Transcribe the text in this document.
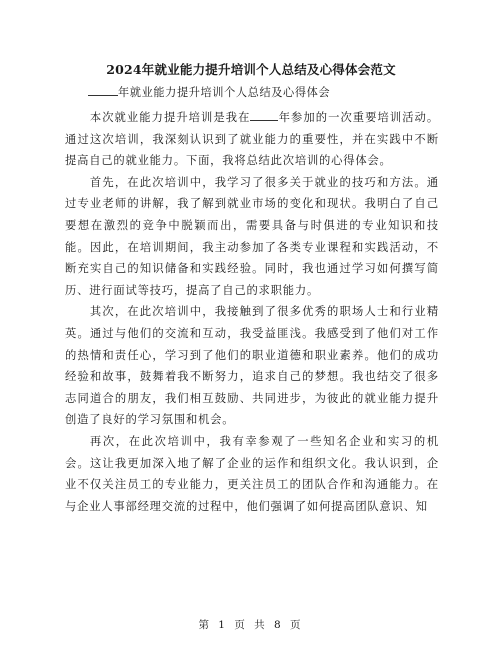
2024年就业能力提升培训个人总结及心得体会范文
年就业能力提升培训个人总结及心得体会

本次就业能力提升培训是我在 年参加的一次重要培训活动。通过这次培训，我深刻认识到了就业能力的重要性，并在实践中不断提高自己的就业能力。下面，我将总结此次培训的心得体会。

首先，在此次培训中，我学习了很多关于就业的技巧和方法。通过专业老师的讲解，我了解到就业市场的变化和现状。我明白了自己要想在激烈的竞争中脱颖而出，需要具备与时俱进的专业知识和技能。因此，在培训期间，我主动参加了各类专业课程和实践活动，不断充实自己的知识储备和实践经验。同时，我也通过学习如何撰写简历、进行面试等技巧，提高了自己的求职能力。

其次，在此次培训中，我接触到了很多优秀的职场人士和行业精英。通过与他们的交流和互动，我受益匪浅。我感受到了他们对工作的热情和责任心，学习到了他们的职业道德和职业素养。他们的成功经验和故事，鼓舞着我不断努力，追求自己的梦想。我也结交了很多志同道合的朋友，我们相互鼓励、共同进步，为彼此的就业能力提升创造了良好的学习氛围和机会。

再次，在此次培训中，我有幸参观了一些知名企业和实习的机会。这让我更加深入地了解了企业的运作和组织文化。我认识到，企业不仅关注员工的专业能力，更关注员工的团队合作和沟通能力。在与企业人事部经理交流的过程中，他们强调了如何提高团队意识、知

第 1 页 共 8 页
